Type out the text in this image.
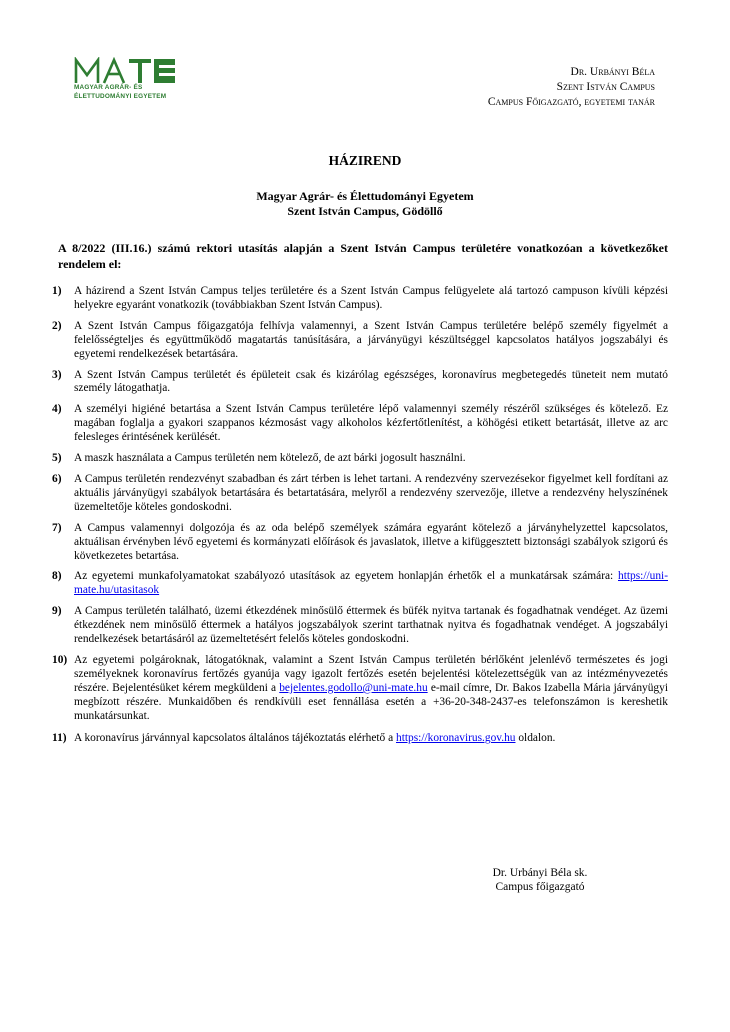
MAGYAR AGRÁR- ÉS
ÉLETTUDOMÁNYI EGYETEM
Dr. Urbányi Béla
Szent István Campus
Campus Főigazgató, egyetemi tanár
HÁZIREND
Magyar Agrár- és Élettudományi Egyetem
Szent István Campus, Gödöllő
A 8/2022 (III.16.) számú rektori utasítás alapján a Szent István Campus területére vonatkozóan a következőket rendelem el:
1)	A házirend a Szent István Campus teljes területére és a Szent István Campus felügyelete alá tartozó campuson kívüli képzési helyekre egyaránt vonatkozik (továbbiakban Szent István Campus).
2)	A Szent István Campus főigazgatója felhívja valamennyi, a Szent István Campus területére belépő személy figyelmét a felelősségteljes és együttműködő magatartás tanúsítására, a járványügyi készültséggel kapcsolatos hatályos jogszabályi és egyetemi rendelkezések betartására.
3)	A Szent István Campus területét és épületeit csak és kizárólag egészséges, koronavírus megbetegedés tüneteit nem mutató személy látogathatja.
4)	A személyi higiéné betartása a Szent István Campus területére lépő valamennyi személy részéről szükséges és kötelező. Ez magában foglalja a gyakori szappanos kézmosást vagy alkoholos kézfertőtlenítést, a köhögési etikett betartását, illetve az arc felesleges érintésének kerülését.
5)	A maszk használata a Campus területén nem kötelező, de azt bárki jogosult használni.
6)	A Campus területén rendezvényt szabadban és zárt térben is lehet tartani. A rendezvény szervezésekor figyelmet kell fordítani az aktuális járványügyi szabályok betartására és betartatására, melyről a rendezvény szervezője, illetve a rendezvény helyszínének üzemeltetője köteles gondoskodni.
7)	A Campus valamennyi dolgozója és az oda belépő személyek számára egyaránt kötelező a járványhelyzettel kapcsolatos, aktuálisan érvényben lévő egyetemi és kormányzati előírások és javaslatok, illetve a kifüggesztett biztonsági szabályok szigorú és következetes betartása.
8)	Az egyetemi munkafolyamatokat szabályozó utasítások az egyetem honlapján érhetők el a munkatársak számára: https://uni-mate.hu/utasitasok
9)	A Campus területén található, üzemi étkezdének minősülő éttermek és büfék nyitva tartanak és fogadhatnak vendéget. Az üzemi étkezdének nem minősülő éttermek a hatályos jogszabályok szerint tarthatnak nyitva és fogadhatnak vendéget. A jogszabályi rendelkezések betartásáról az üzemeltetésért felelős köteles gondoskodni.
10) Az egyetemi polgároknak, látogatóknak, valamint a Szent István Campus területén bérlőként jelenlévő természetes és jogi személyeknek koronavírus fertőzés gyanúja vagy igazolt fertőzés esetén bejelentési kötelezettségük van az intézményvezetés részére. Bejelentésüket kérem megküldeni a bejelentes.godollo@uni-mate.hu e-mail címre, Dr. Bakos Izabella Mária járványügyi megbízott részére. Munkaidőben és rendkívüli eset fennállása esetén a +36-20-348-2437-es telefonszámon is kereshetik munkatársunkat.
11) A koronavírus járvánnyal kapcsolatos általános tájékoztatás elérhető a https://koronavirus.gov.hu oldalon.
Dr. Urbányi Béla sk.
Campus főigazgató
